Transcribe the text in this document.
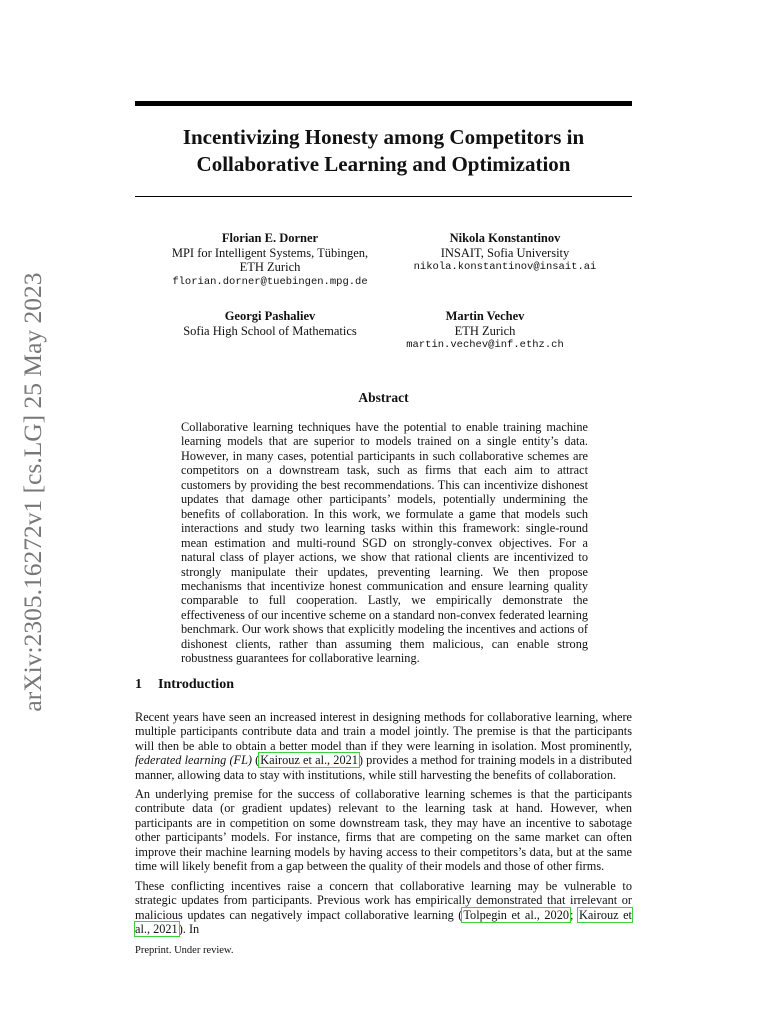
arXiv:2305.16272v1 [cs.LG] 25 May 2023
Incentivizing Honesty among Competitors in Collaborative Learning and Optimization
Florian E. Dorner
MPI for Intelligent Systems, Tübingen,
ETH Zurich
florian.dorner@tuebingen.mpg.de
Nikola Konstantinov
INSAIT, Sofia University
nikola.konstantinov@insait.ai
Georgi Pashaliev
Sofia High School of Mathematics
Martin Vechev
ETH Zurich
martin.vechev@inf.ethz.ch
Abstract

Collaborative learning techniques have the potential to enable training machine learning models that are superior to models trained on a single entity’s data. However, in many cases, potential participants in such collaborative schemes are competitors on a downstream task, such as firms that each aim to attract customers by providing the best recommendations. This can incentivize dishonest updates that damage other participants’ models, potentially undermining the benefits of collaboration. In this work, we formulate a game that models such interactions and study two learning tasks within this framework: single-round mean estimation and multi-round SGD on strongly-convex objectives. For a natural class of player actions, we show that rational clients are incentivized to strongly manipulate their updates, preventing learning. We then propose mechanisms that incentivize honest communication and ensure learning quality comparable to full cooperation. Lastly, we empirically demonstrate the effectiveness of our incentive scheme on a standard non-convex federated learning benchmark. Our work shows that explicitly modeling the incentives and actions of dishonest clients, rather than assuming them malicious, can enable strong robustness guarantees for collaborative learning.

1 Introduction

Recent years have seen an increased interest in designing methods for collaborative learning, where multiple participants contribute data and train a model jointly. The premise is that the participants will then be able to obtain a better model than if they were learning in isolation. Most prominently, federated learning (FL) (Kairouz et al., 2021) provides a method for training models in a distributed manner, allowing data to stay with institutions, while still harvesting the benefits of collaboration.

An underlying premise for the success of collaborative learning schemes is that the participants contribute data (or gradient updates) relevant to the learning task at hand. However, when participants are in competition on some downstream task, they may have an incentive to sabotage other participants’ models. For instance, firms that are competing on the same market can often improve their machine learning models by having access to their competitors’s data, but at the same time will likely benefit from a gap between the quality of their models and those of other firms.

These conflicting incentives raise a concern that collaborative learning may be vulnerable to strategic updates from participants. Previous work has empirically demonstrated that irrelevant or malicious updates can negatively impact collaborative learning (Tolpegin et al., 2020; Kairouz et al., 2021). In

Preprint. Under review.
